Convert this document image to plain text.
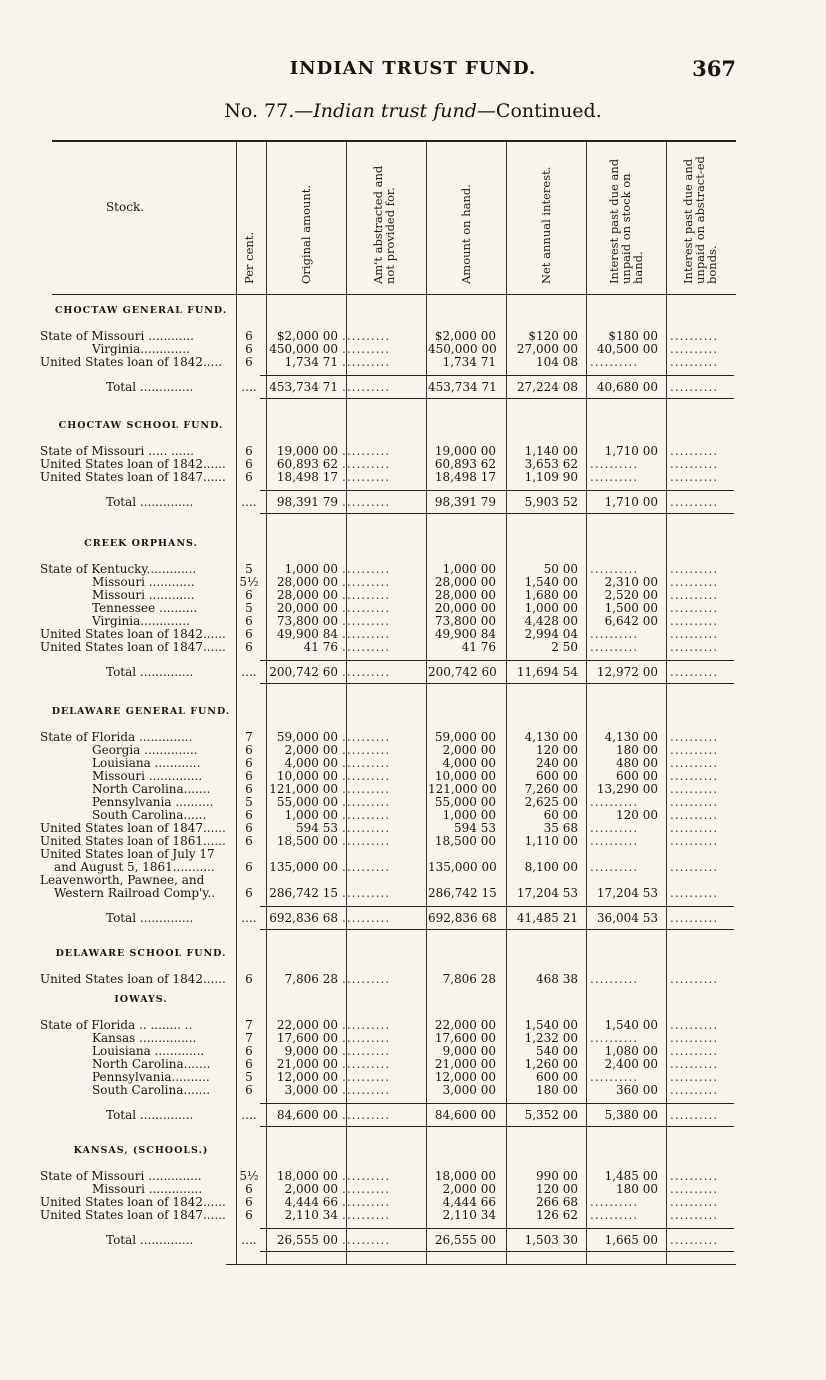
INDIAN TRUST FUND.	367
No. 77.—Indian trust fund—Continued.
Stock.
Per cent.	Original amount.	Am't abstracted and not provided for.	Amount on hand.	Net annual interest.	Interest past due and unpaid on stock on hand.	Interest past due and unpaid on abstract-ed bonds.
CHOCTAW GENERAL FUND.
State of Missouri ............	6	$2,000 00 ..........	$2,000 00	$120 00	$180 00 ..........
Virginia.............	6	450,000 00 ..........	450,000 00	27,000 00	40,500 00 ..........
United States loan of 1842.....	6	1,734 71 ..........	1,734 71	104 08 ..........	..........
Total ..............	....	453,734 71 ..........	453,734 71	27,224 08	40,680 00 ..........
CHOCTAW SCHOOL FUND.
State of Missouri ..... ......	6	19,000 00 ..........	19,000 00	1,140 00	1,710 00 ..........
United States loan of 1842......	6	60,893 62 ..........	60,893 62	3,653 62 ..........	..........
United States loan of 1847......	6	18,498 17 ..........	18,498 17	1,109 90 ..........	..........
Total ..............	....	98,391 79 ..........	98,391 79	5,903 52	1,710 00 ..........
CREEK ORPHANS.
State of Kentucky.............	5	1,000 00 ..........	1,000 00	50 00 ..........	..........
Missouri ............	5½	28,000 00 ..........	28,000 00	1,540 00	2,310 00 ..........
Missouri ............	6	28,000 00 ..........	28,000 00	1,680 00	2,520 00 ..........
Tennessee ..........	5	20,000 00 ..........	20,000 00	1,000 00	1,500 00 ..........
Virginia.............	6	73,800 00 ..........	73,800 00	4,428 00	6,642 00 ..........
United States loan of 1842......	6	49,900 84 ..........	49,900 84	2,994 04 ..........	..........
United States loan of 1847......	6	41 76 ..........	41 76	2 50 ..........	..........
Total ..............	....	200,742 60 ..........	200,742 60	11,694 54	12,972 00 ..........
DELAWARE GENERAL FUND.
State of Florida ..............	7	59,000 00 ..........	59,000 00	4,130 00	4,130 00 ..........
Georgia ..............	6	2,000 00 ..........	2,000 00	120 00	180 00 ..........
Louisiana ............	6	4,000 00 ..........	4,000 00	240 00	480 00 ..........
Missouri ..............	6	10,000 00 ..........	10,000 00	600 00	600 00 ..........
North Carolina.......	6	121,000 00 ..........	121,000 00	7,260 00	13,290 00 ..........
Pennsylvania ..........	5	55,000 00 ..........	55,000 00	2,625 00 ..........	..........
South Carolina......	6	1,000 00 ..........	1,000 00	60 00	120 00 ..........
United States loan of 1847......	6	594 53 ..........	594 53	35 68 ..........	..........
United States loan of 1861......	6	18,500 00 ..........	18,500 00	1,110 00 ..........	..........
United States loan of July 17
and August 5, 1861...........	6	135,000 00 ..........	135,000 00	8,100 00 ..........	..........
Leavenworth, Pawnee, and
Western Railroad Comp'y..	6	286,742 15 ..........	286,742 15	17,204 53	17,204 53 ..........
Total ..............	....	692,836 68 ..........	692,836 68	41,485 21	36,004 53 ..........
DELAWARE SCHOOL FUND.
United States loan of 1842......	6	7,806 28 ..........	7,806 28	468 38 ..........	..........
IOWAYS.
State of Florida .. ........ ..	7	22,000 00 ..........	22,000 00	1,540 00	1,540 00 ..........
Kansas ...............	7	17,600 00 ..........	17,600 00	1,232 00 ..........	..........
Louisiana .............	6	9,000 00 ..........	9,000 00	540 00	1,080 00 ..........
North Carolina.......	6	21,000 00 ..........	21,000 00	1,260 00	2,400 00 ..........
Pennsylvania..........	5	12,000 00 ..........	12,000 00	600 00 ..........	..........
South Carolina.......	6	3,000 00 ..........	3,000 00	180 00	360 00 ..........
Total ..............	....	84,600 00 ..........	84,600 00	5,352 00	5,380 00 ..........
KANSAS, (SCHOOLS.)
State of Missouri ..............	5½	18,000 00 ..........	18,000 00	990 00	1,485 00 ..........
Missouri ..............	6	2,000 00 ..........	2,000 00	120 00	180 00 ..........
United States loan of 1842......	6	4,444 66 ..........	4,444 66	266 68 ..........	..........
United States loan of 1847......	6	2,110 34 ..........	2,110 34	126 62 ..........	..........
Total ..............	....	26,555 00 ..........	26,555 00	1,503 30	1,665 00 ..........
